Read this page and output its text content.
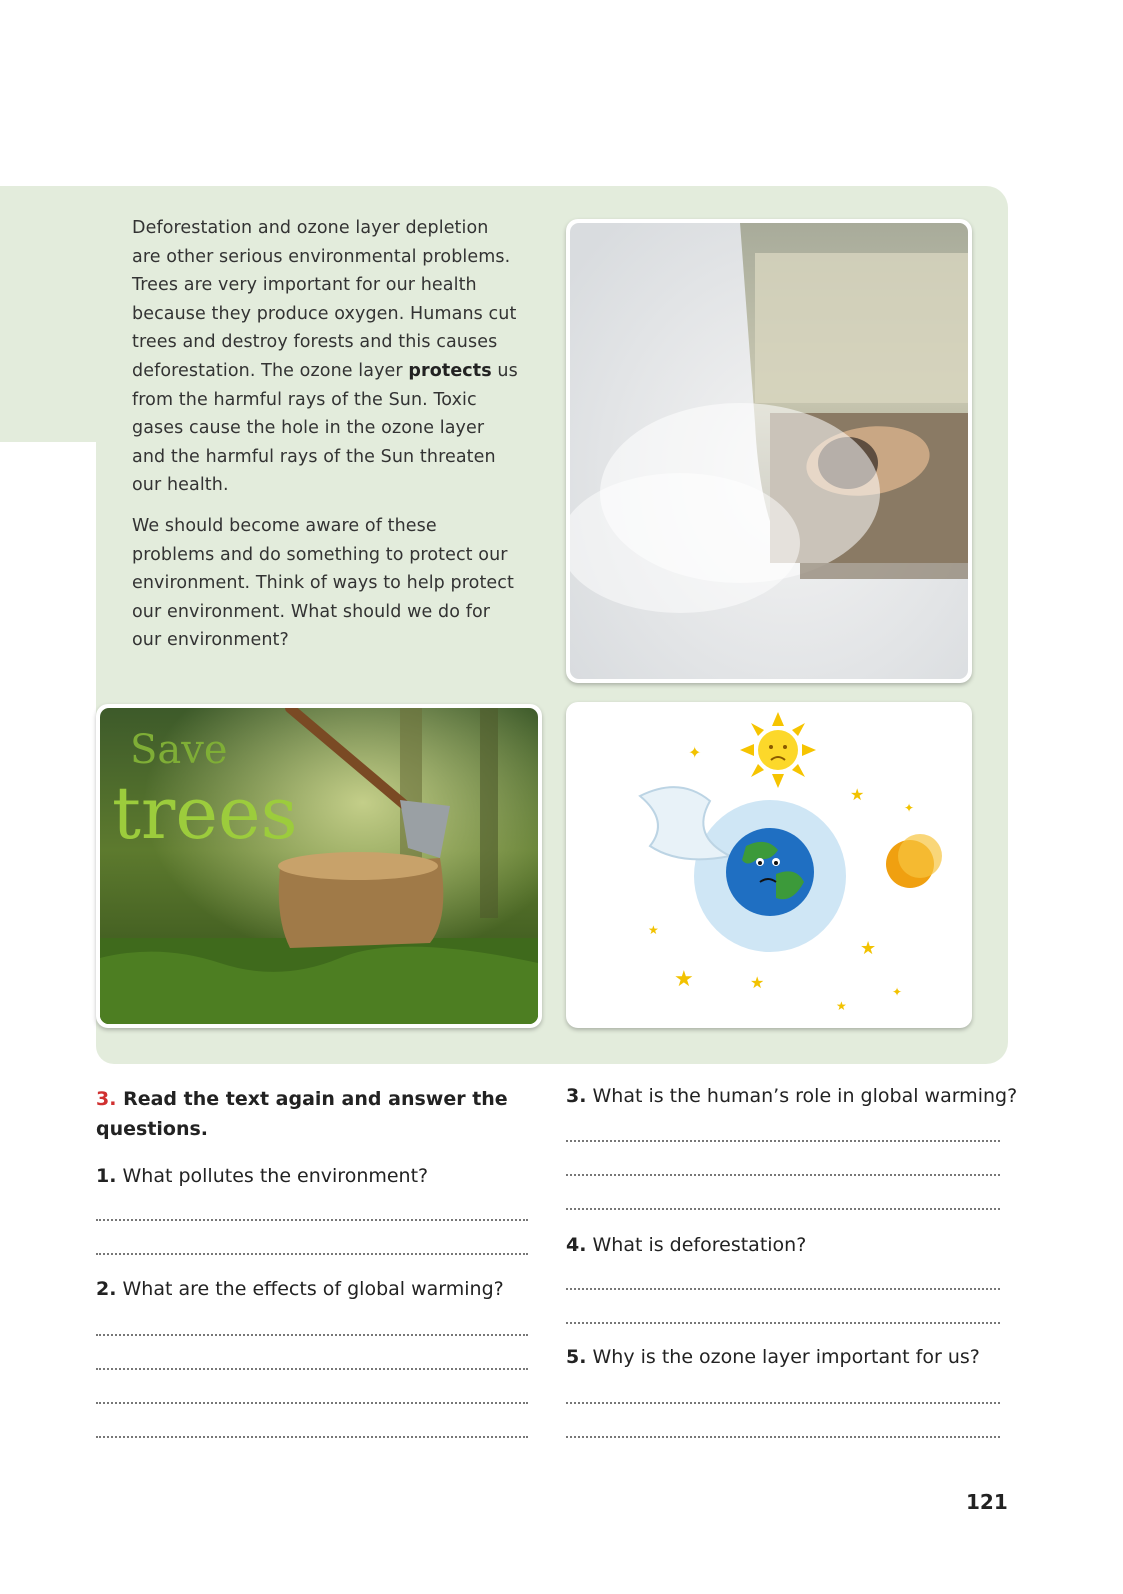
Deforestation and ozone layer depletion are other serious environmental problems. Trees are very important for our health because they produce oxygen. Humans cut trees and destroy forests and this causes deforestation. The ozone layer protects us from the harmful rays of the Sun. Toxic gases cause the hole in the ozone layer and the harmful rays of the Sun threaten our health.

We should become aware of these problems and do something to protect our environment. Think of ways to help protect our environment. What should we do for our environment?

Save
trees
✦
★
✦
★
★
★	★
★
✦
3. Read the text again and answer the questions.
1. What pollutes the environment?
2. What are the effects of global warming?
3. What is the human’s role in global warming?
4. What is deforestation?
5. Why is the ozone layer important for us?
121
